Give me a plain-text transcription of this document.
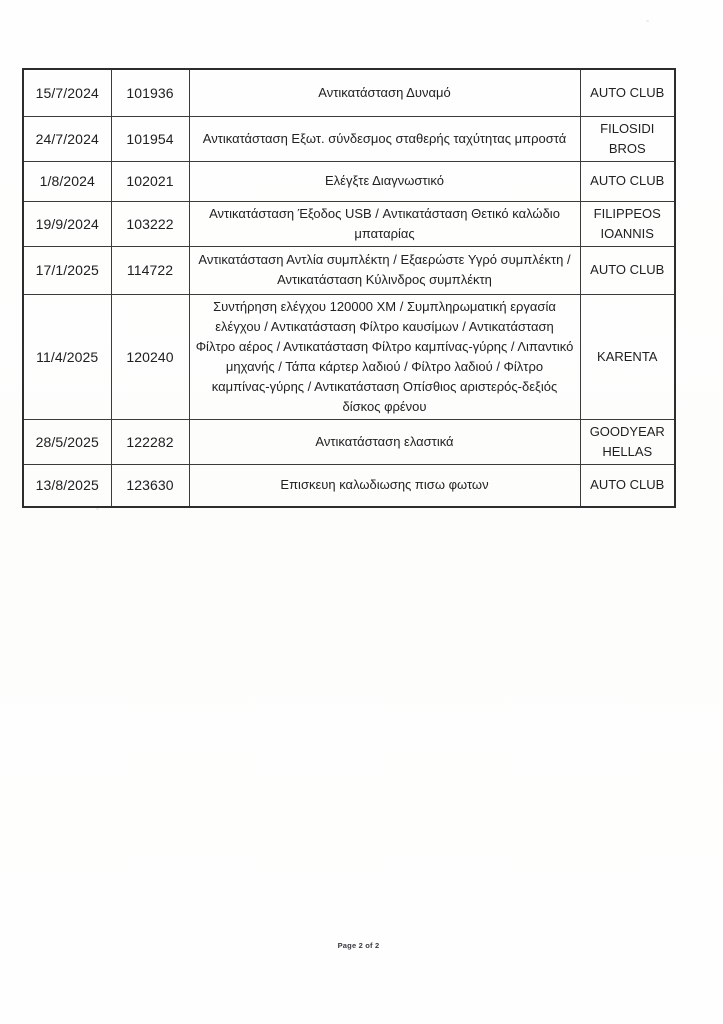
15/7/2024	101936	Αντικατάσταση Δυναμό	AUTO CLUB
24/7/2024	101954	Αντικατάσταση Εξωτ. σύνδεσμος σταθερής ταχύτητας μπροστά	FILOSIDI BROS
1/8/2024	102021	Ελέγξτε Διαγνωστικό	AUTO CLUB
19/9/2024	103222	Αντικατάσταση Έξοδος USB / Αντικατάσταση Θετικό καλώδιο μπαταρίας	FILIPPEOS IOANNIS
17/1/2025	114722	Αντικατάσταση Αντλία συμπλέκτη / Εξαερώστε Υγρό συμπλέκτη / Αντικατάσταση Κύλινδρος συμπλέκτη	AUTO CLUB
11/4/2025	120240	Συντήρηση ελέγχου 120000 ΧΜ / Συμπληρωματική εργασία ελέγχου / Αντικατάσταση Φίλτρο καυσίμων / Αντικατάσταση Φίλτρο αέρος / Αντικατάσταση Φίλτρο καμπίνας-γύρης / Λιπαντικό μηχανής / Τάπα κάρτερ λαδιού / Φίλτρο λαδιού / Φίλτρο καμπίνας-γύρης / Αντικατάσταση Οπίσθιος αριστερός-δεξιός δίσκος φρένου	KARENTA
28/5/2025	122282	Αντικατάσταση ελαστικά	GOODYEAR HELLAS
13/8/2025	123630	Επισκευη καλωδιωσης πισω φωτων	AUTO CLUB
Page 2 of 2
